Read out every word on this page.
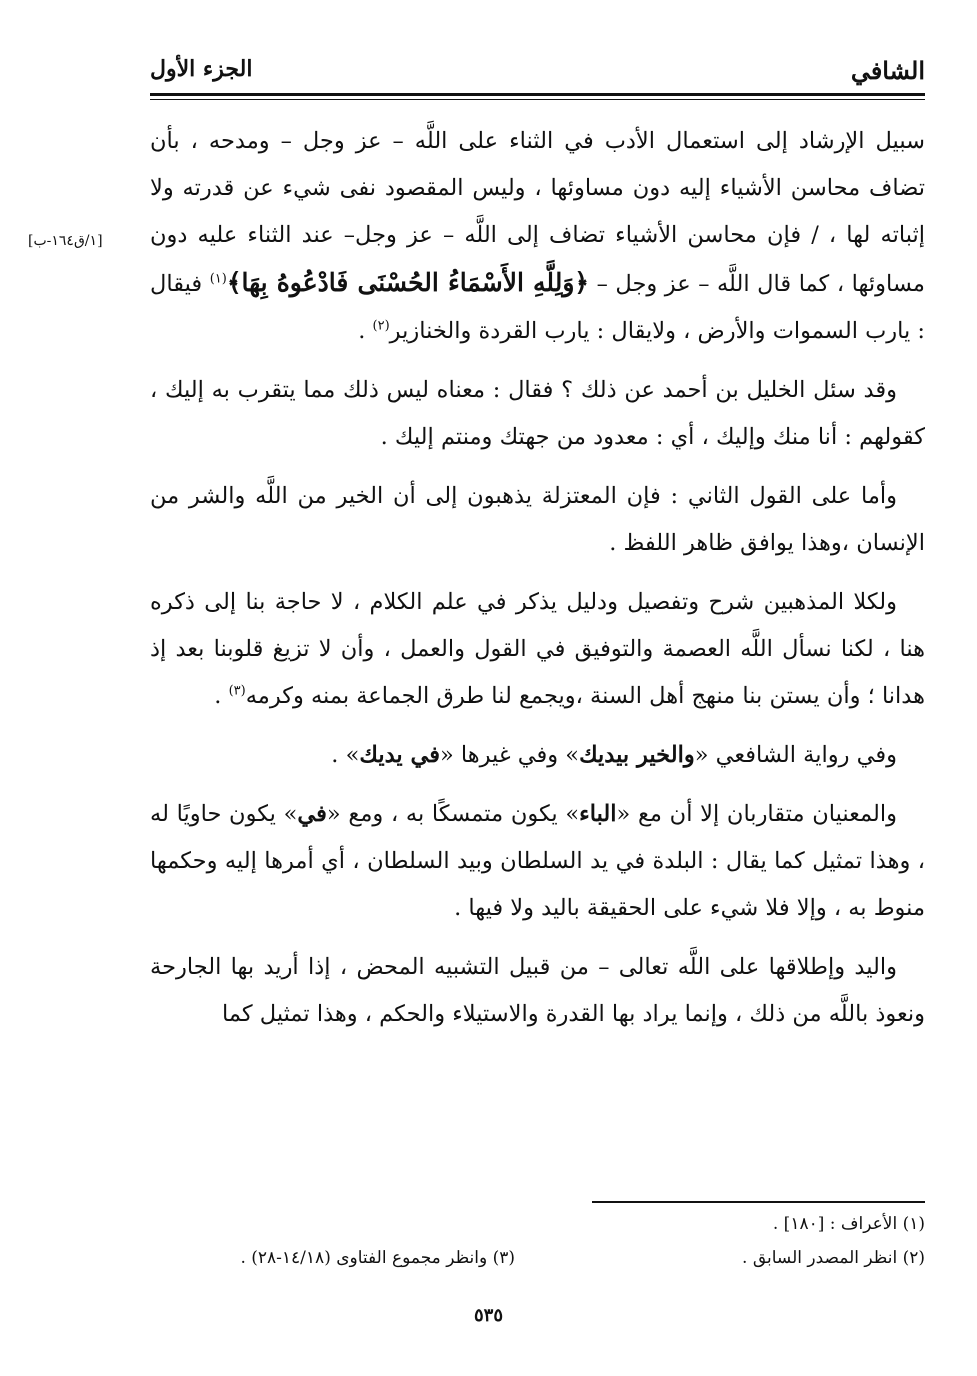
الشافي
الجزء الأول
[١/ق١٦٤-ب]

سبيل الإرشاد إلى استعمال الأدب في الثناء على اللَّه – عز وجل – ومدحه ، بأن تضاف محاسن الأشياء إليه دون مساوئها ، وليس المقصود نفى شيء عن قدرته ولا إثباته لها ، / فإن محاسن الأشياء تضاف إلى اللَّه – عز وجل– عند الثناء عليه دون مساوئها ، كما قال اللَّه – عز وجل – ﴿وَلِلَّهِ الأَسْمَاءُ الحُسْنَى فَادْعُوهُ بِهَا﴾$^{(١)}$ فيقال : يارب السموات والأرض ، ولايقال : يارب القردة والخنازير$^{(٢)}$ .

وقد سئل الخليل بن أحمد عن ذلك ؟ فقال : معناه ليس ذلك مما يتقرب به إليك ، كقولهم : أنا منك وإليك ، أي : معدود من جهتك ومنتم إليك .

وأما على القول الثاني : فإن المعتزلة يذهبون إلى أن الخير من اللَّه والشر من الإنسان ،وهذا يوافق ظاهر اللفظ .

ولكلا المذهبين شرح وتفصيل ودليل يذكر في علم الكلام ، لا حاجة بنا إلى ذكره هنا ، لكنا نسأل اللَّه العصمة والتوفيق في القول والعمل ، وأن لا تزيغ قلوبنا بعد إذ هدانا ؛ وأن يستن بنا منهج أهل السنة ،ويجمع لنا طرق الجماعة بمنه وكرمه$^{(٣)}$ .

وفي رواية الشافعي «والخير بيديك» وفي غيرها «في يديك» .

والمعنيان متقاربان إلا أن مع «الباء» يكون متمسكًا به ، ومع «في» يكون حاويًا له ، وهذا تمثيل كما يقال : البلدة في يد السلطان وبيد السلطان ، أي أمرها إليه وحكمها منوط به ، وإلا فلا شيء على الحقيقة باليد ولا فيها .

واليد وإطلاقها على اللَّه تعالى – من قبيل التشبيه المحض ، إذا أريد بها الجارحة ونعوذ باللَّه من ذلك ، وإنما يراد بها القدرة والاستيلاء والحكم ، وهذا تمثيل كما

(١) الأعراف : [١٨٠] .
(٢) انظر المصدر السابق .
(٣) وانظر مجموع الفتاوى (١٤/١٨-٢٨) .
٥٣٥
